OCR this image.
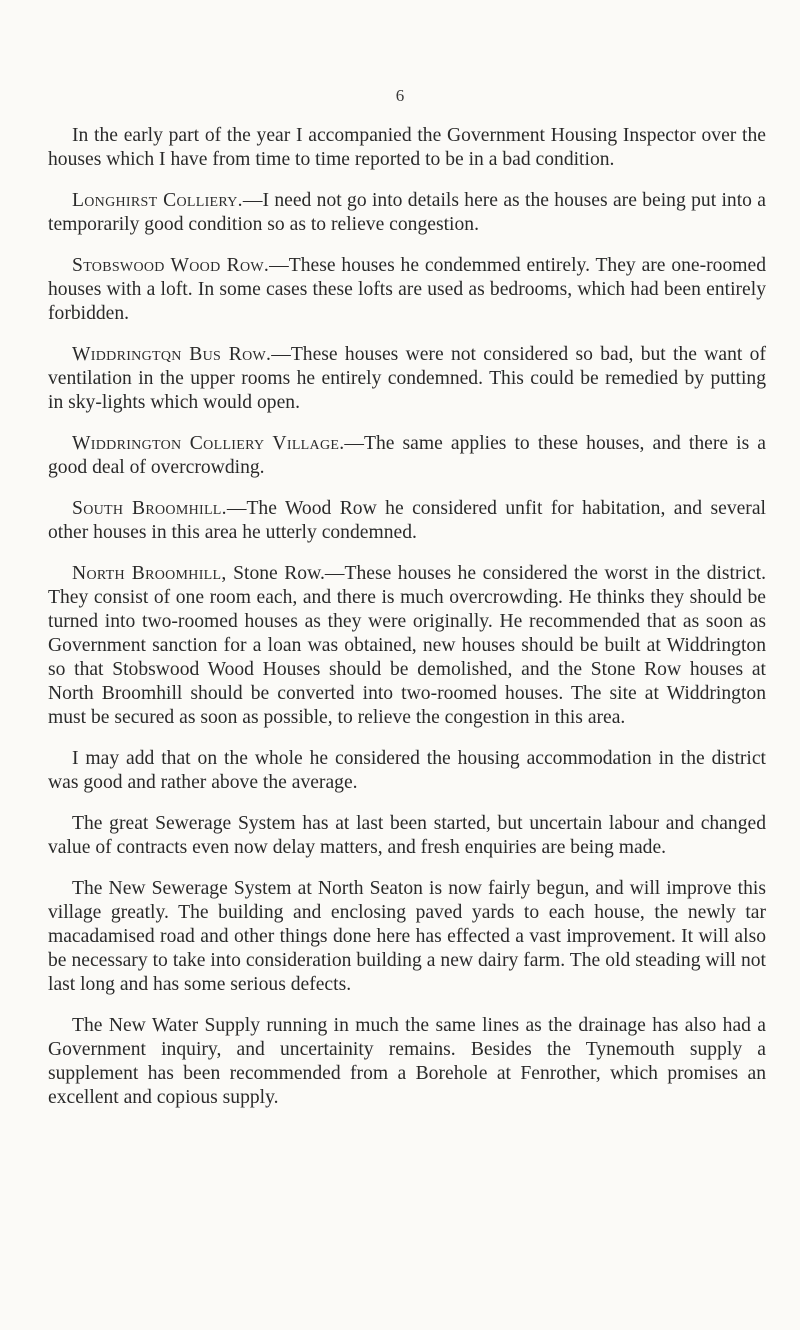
6

In the early part of the year I accompanied the Government Housing Inspector over the houses which I have from time to time reported to be in a bad condition.

Longhirst Colliery.—I need not go into details here as the houses are being put into a temporarily good condition so as to relieve congestion.

Stobswood Wood Row.—These houses he condemmed entirely. They are one-roomed houses with a loft. In some cases these lofts are used as bedrooms, which had been entirely forbidden.

Widdringtqn Bus Row.—These houses were not considered so bad, but the want of ventilation in the upper rooms he entirely condemned. This could be remedied by putting in sky-lights which would open.

Widdrington Colliery Village.—The same applies to these houses, and there is a good deal of overcrowding.

South Broomhill.—The Wood Row he considered unfit for habitation, and several other houses in this area he utterly condemned.

North Broomhill, Stone Row.—These houses he considered the worst in the district. They consist of one room each, and there is much overcrowding. He thinks they should be turned into two-roomed houses as they were originally. He recommended that as soon as Government sanction for a loan was obtained, new houses should be built at Widdrington so that Stobswood Wood Houses should be demolished, and the Stone Row houses at North Broomhill should be converted into two-roomed houses. The site at Widdrington must be secured as soon as possible, to relieve the congestion in this area.

I may add that on the whole he considered the housing accommodation in the district was good and rather above the average.

The great Sewerage System has at last been started, but uncertain labour and changed value of contracts even now delay matters, and fresh enquiries are being made.

The New Sewerage System at North Seaton is now fairly begun, and will improve this village greatly. The building and enclosing paved yards to each house, the newly tar macadamised road and other things done here has effected a vast improvement. It will also be necessary to take into consideration building a new dairy farm. The old steading will not last long and has some serious defects.

The New Water Supply running in much the same lines as the drainage has also had a Government inquiry, and uncertainity remains. Besides the Tynemouth supply a supplement has been recommended from a Borehole at Fenrother, which promises an excellent and copious supply.
